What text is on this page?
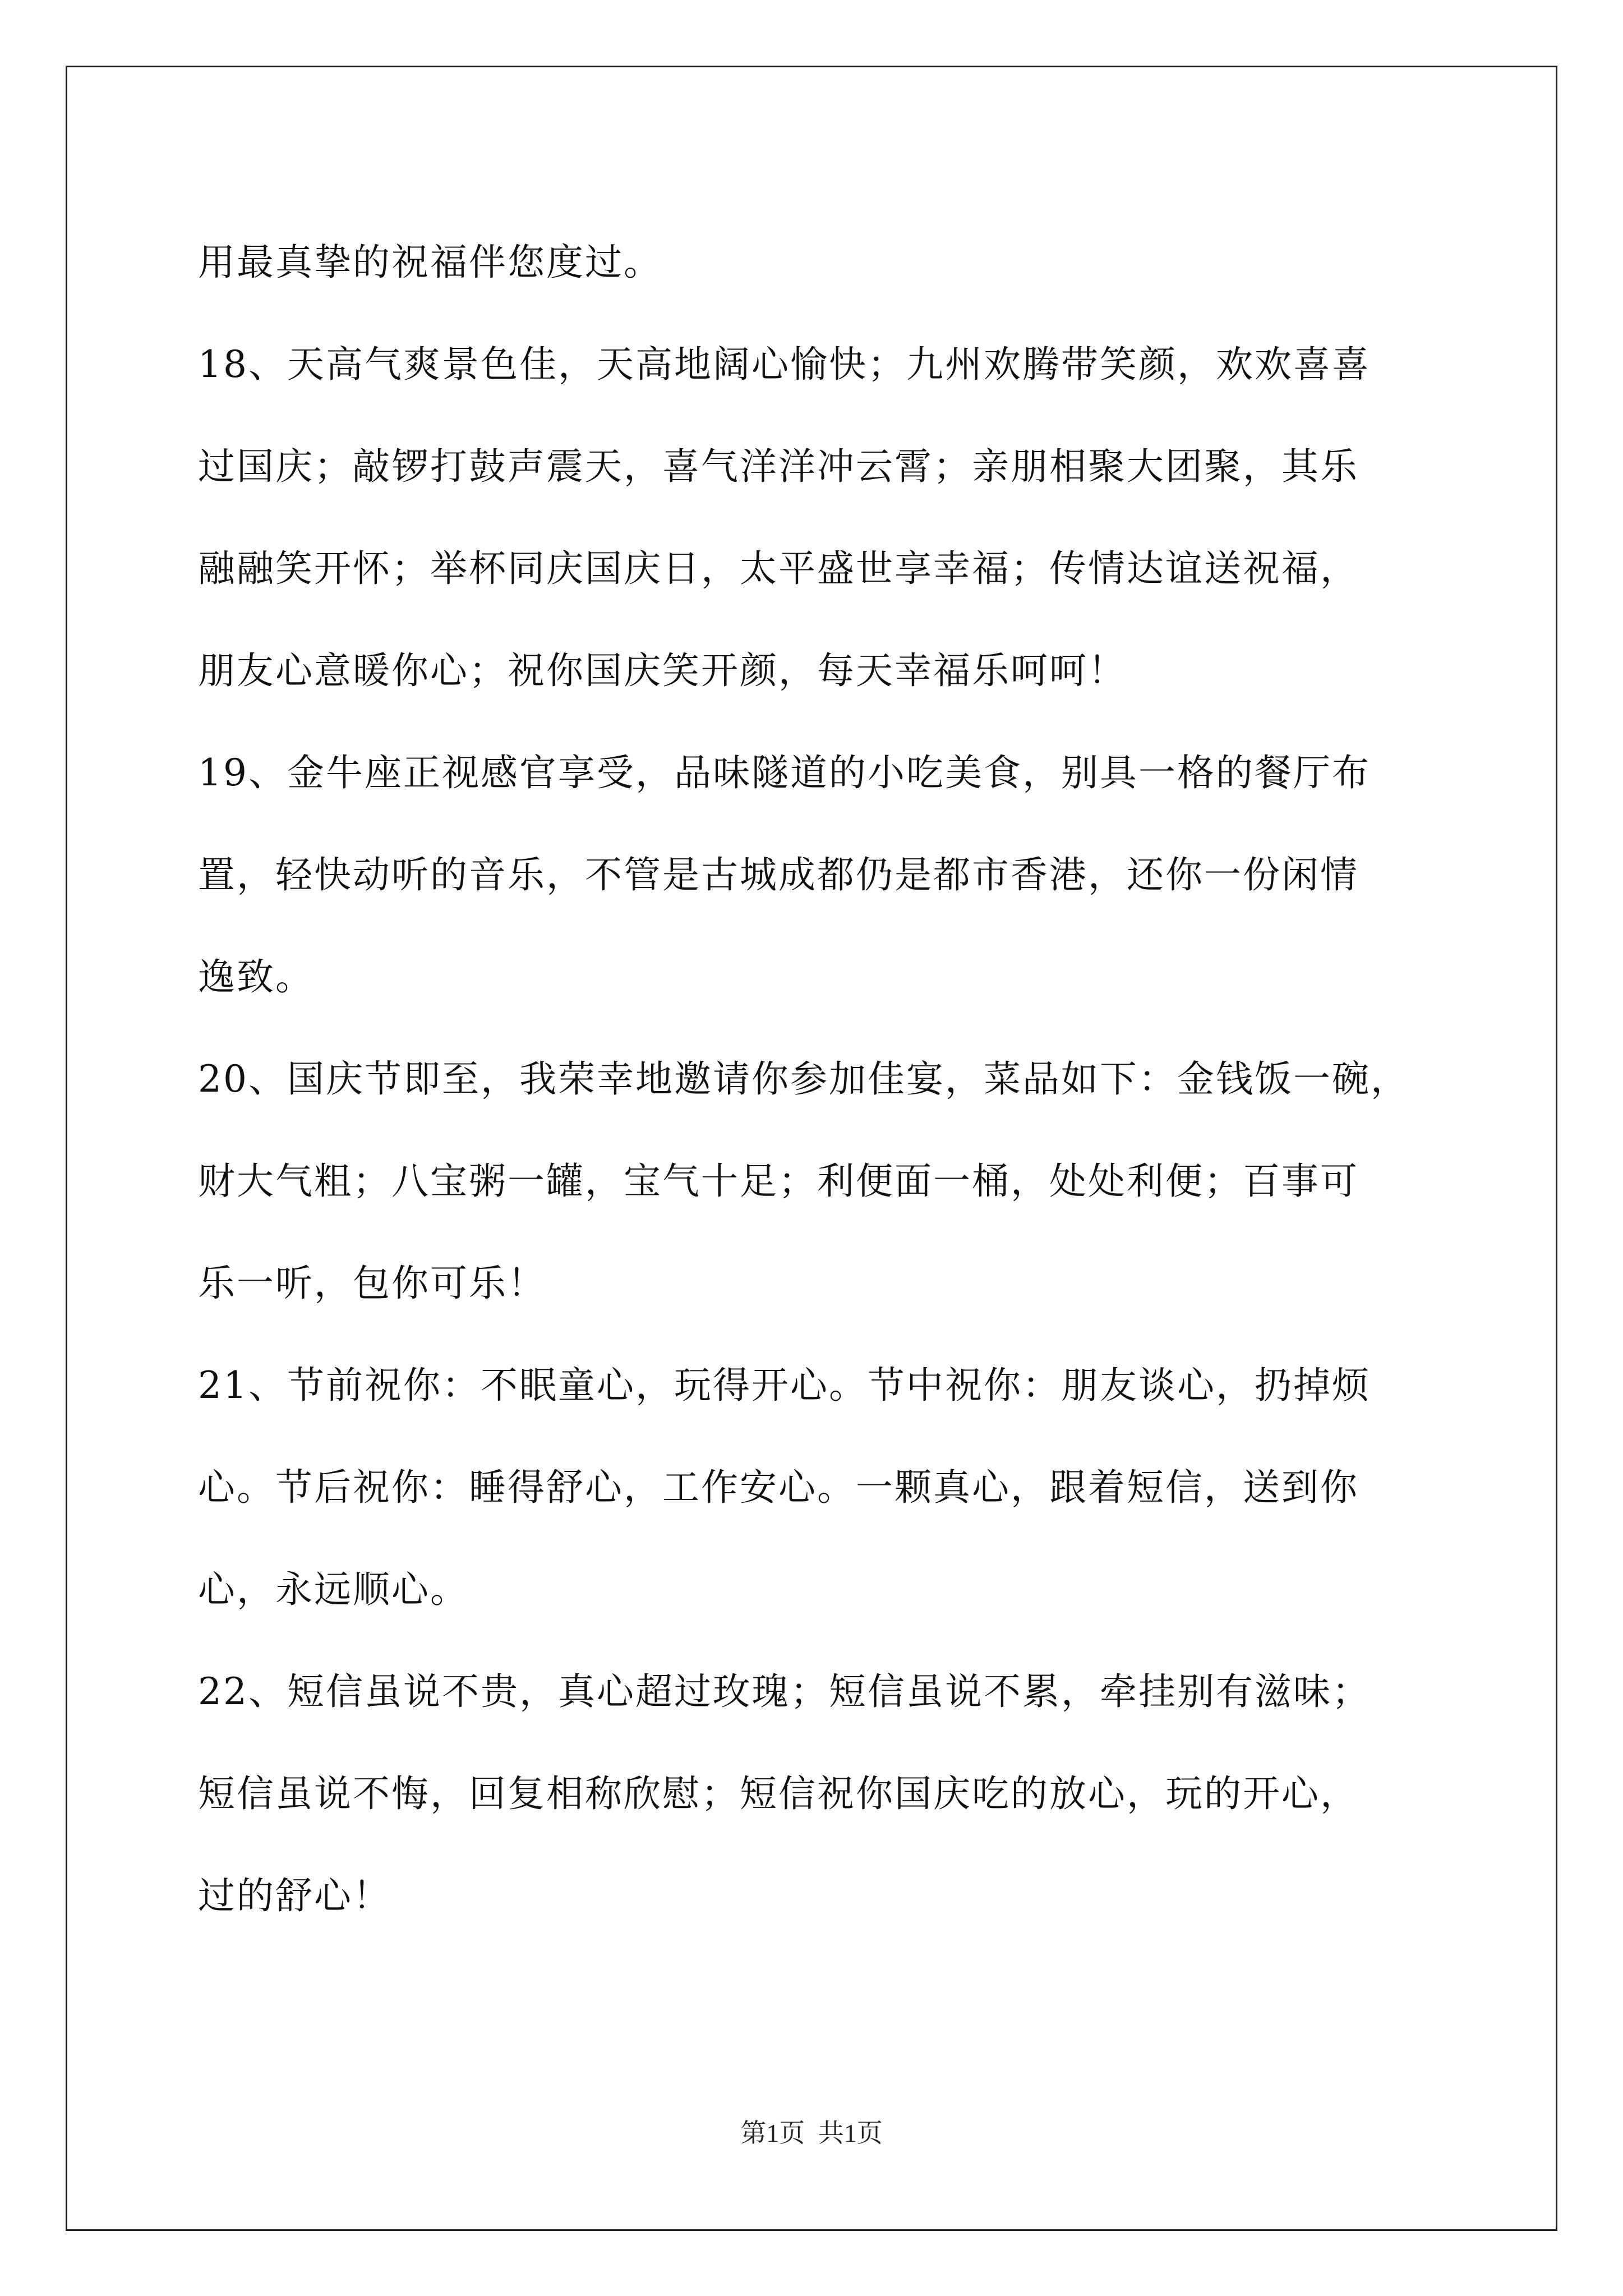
用最真挚的祝福伴您度过。
18、天高气爽景色佳，天高地阔心愉快；九州欢腾带笑颜，欢欢喜喜
过国庆；敲锣打鼓声震天，喜气洋洋冲云霄；亲朋相聚大团聚，其乐
融融笑开怀；举杯同庆国庆日，太平盛世享幸福；传情达谊送祝福，
朋友心意暖你心；祝你国庆笑开颜，每天幸福乐呵呵！
19、金牛座正视感官享受，品味隧道的小吃美食，别具一格的餐厅布
置，轻快动听的音乐，不管是古城成都仍是都市香港，还你一份闲情
逸致。
20、国庆节即至，我荣幸地邀请你参加佳宴，菜品如下：金钱饭一碗，
财大气粗；八宝粥一罐，宝气十足；利便面一桶，处处利便；百事可
乐一听，包你可乐！
21、节前祝你：不眠童心，玩得开心。节中祝你：朋友谈心，扔掉烦
心。节后祝你：睡得舒心，工作安心。一颗真心，跟着短信，送到你
心，永远顺心。
22、短信虽说不贵，真心超过玫瑰；短信虽说不累，牵挂别有滋味；
短信虽说不悔，回复相称欣慰；短信祝你国庆吃的放心，玩的开心，
过的舒心！
第1页 共1页
